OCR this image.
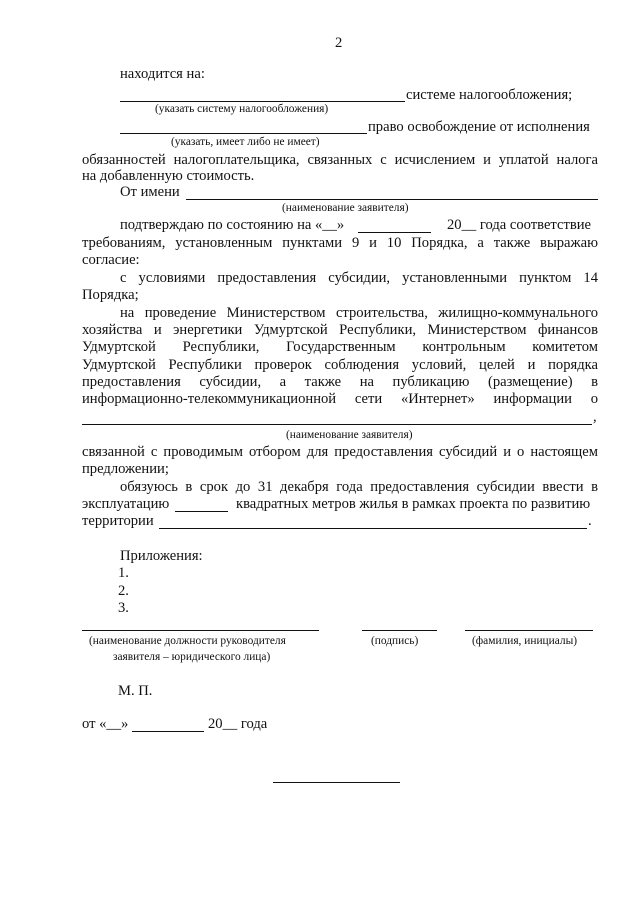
2
находится на:
системе налогообложения;
(указать систему налогообложения)
право освобождение от исполнения
(указать, имеет либо не имеет)
обязанностей налогоплательщика, связанных с исчислением и уплатой налога
на добавленную стоимость.
От имени
(наименование заявителя)
подтверждаю по состоянию на «__»	20__ года соответствие
требованиям, установленным пунктами 9 и 10 Порядка, а также выражаю
согласие:
с условиями предоставления субсидии, установленными пунктом 14
Порядка;
на проведение Министерством строительства, жилищно-коммунального
хозяйства и энергетики Удмуртской Республики, Министерством финансов
Удмуртской Республики, Государственным контрольным комитетом
Удмуртской Республики проверок соблюдения условий, целей и порядка
предоставления субсидии, а также на публикацию (размещение) в
информационно-телекоммуникационной сети «Интернет» информации о
,
(наименование заявителя)
связанной с проводимым отбором для предоставления субсидий и о настоящем
предложении;
обязуюсь в срок до 31 декабря года предоставления субсидии ввести в
эксплуатацию	квадратных метров жилья в рамках проекта по развитию
территории	.
Приложения:
1.
2.
3.
(наименование должности руководителя
заявителя – юридического лица)
(подпись)	(фамилия, инициалы)
М. П.
от «__»	20__ года
